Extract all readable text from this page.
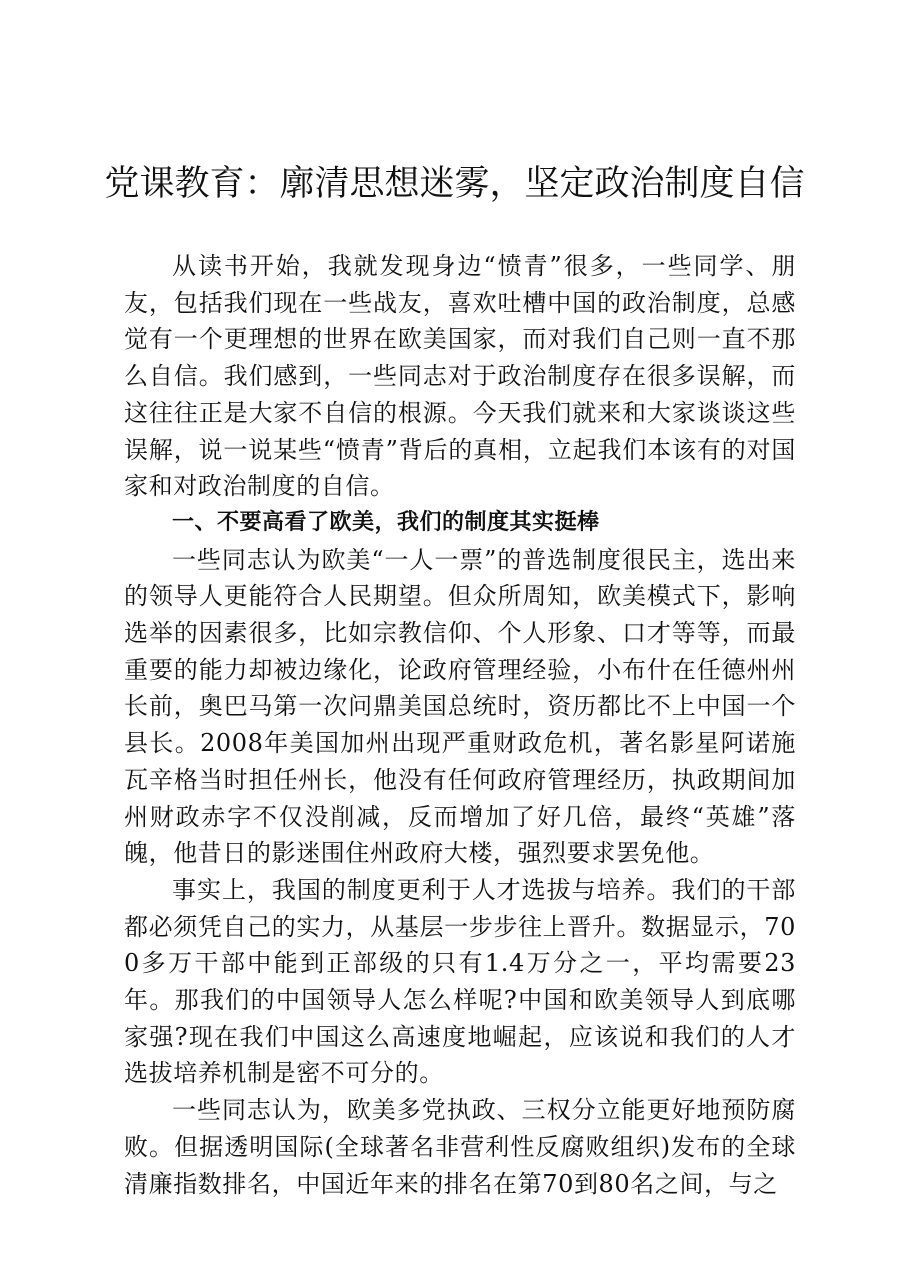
党课教育：廓清思想迷雾，坚定政治制度自信

从读书开始，我就发现身边“愤青”很多，一些同学、朋友，包括我们现在一些战友，喜欢吐槽中国的政治制度，总感觉有一个更理想的世界在欧美国家，而对我们自己则一直不那么自信。我们感到，一些同志对于政治制度存在很多误解，而这往往正是大家不自信的根源。今天我们就来和大家谈谈这些误解，说一说某些“愤青”背后的真相，立起我们本该有的对国家和对政治制度的自信。

一、不要高看了欧美，我们的制度其实挺棒

一些同志认为欧美“一人一票”的普选制度很民主，选出来的领导人更能符合人民期望。但众所周知，欧美模式下，影响选举的因素很多，比如宗教信仰、个人形象、口才等等，而最重要的能力却被边缘化，论政府管理经验，小布什在任德州州长前，奥巴马第一次问鼎美国总统时，资历都比不上中国一个县长。2008年美国加州出现严重财政危机，著名影星阿诺施瓦辛格当时担任州长，他没有任何政府管理经历，执政期间加州财政赤字不仅没削减，反而增加了好几倍，最终“英雄”落魄，他昔日的影迷围住州政府大楼，强烈要求罢免他。

事实上，我国的制度更利于人才选拔与培养。我们的干部都必须凭自己的实力，从基层一步步往上晋升。数据显示，700多万干部中能到正部级的只有1.4万分之一，平均需要23年。那我们的中国领导人怎么样呢?中国和欧美领导人到底哪家强?现在我们中国这么高速度地崛起，应该说和我们的人才选拔培养机制是密不可分的。

一些同志认为，欧美多党执政、三权分立能更好地预防腐败。但据透明国际(全球著名非营利性反腐败组织)发布的全球清廉指数排名，中国近年来的排名在第70到80名之间，与之
